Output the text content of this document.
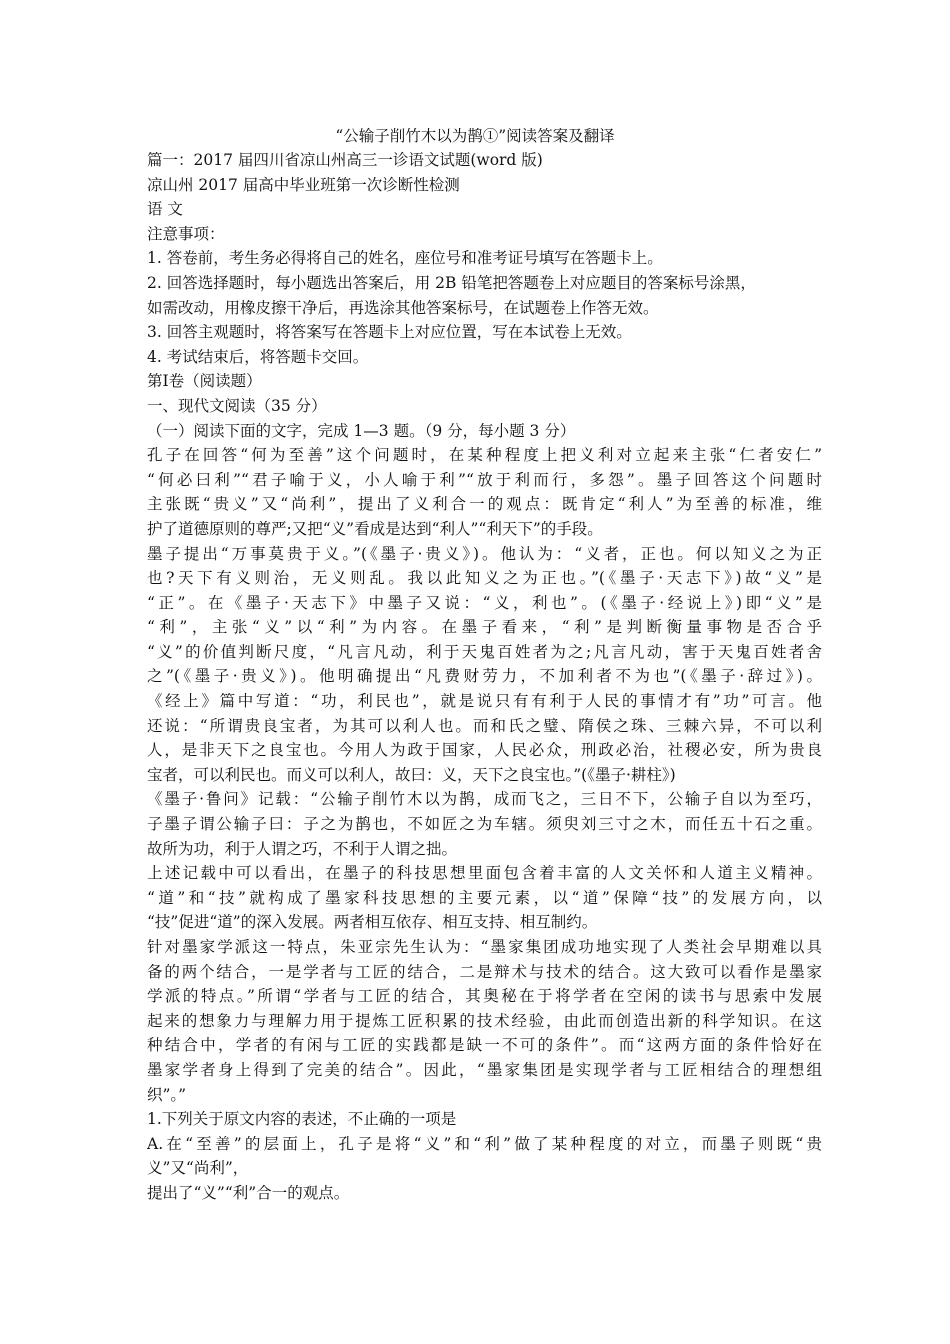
“公输子削竹木以为鹊①”阅读答案及翻译
篇一：2017 届四川省凉山州高三一诊语文试题(word 版)
凉山州 2017 届高中毕业班第一次诊断性检测
语 文
注意事项：
1. 答卷前，考生务必得将自己的姓名，座位号和准考证号填写在答题卡上。
2. 回答选择题时，每小题选出答案后，用 2B 铅笔把答题卷上对应题目的答案标号涂黑，
如需改动，用橡皮擦干净后，再选涂其他答案标号，在试题卷上作答无效。
3. 回答主观题时，将答案写在答题卡上对应位置，写在本试卷上无效。
4. 考试结束后，将答题卡交回。
第Ⅰ卷（阅读题）
一、现代文阅读（35 分）
（一）阅读下面的文字，完成 1—3 题。（9 分，每小题 3 分）
孔子在回答“何为至善”这个问题时，在某种程度上把义利对立起来主张“仁者安仁”
“何必曰利”“君子喻于义，小人喻于利”“放于利而行，多怨”。墨子回答这个问题时
主张既“贵义”又“尚利”，提出了义利合一的观点：既肯定“利人”为至善的标准，维
护了道德原则的尊严;又把“义”看成是达到“利人”“利天下”的手段。
墨子提出“万事莫贵于义。”(《墨子·贵义》)。他认为：“义者，正也。何以知义之为正
也?天下有义则治，无义则乱。我以此知义之为正也。”(《墨子·天志下》)故“义”是
“正”。在《墨子·天志下》中墨子又说：“义，利也”。(《墨子·经说上》)即“义”是
“利”，主张“义”以“利”为内容。在墨子看来，“利”是判断衡量事物是否合乎
“义”的价值判断尺度，“凡言凡动，利于天鬼百姓者为之;凡言凡动，害于天鬼百姓者舍
之”(《墨子·贵义》)。他明确提出“凡费财劳力，不加利者不为也”(《墨子·辞过》)。
《经上》篇中写道：“功，利民也”，就是说只有有利于人民的事情才有”功”可言。他
还说：“所谓贵良宝者，为其可以利人也。而和氏之璧、隋侯之珠、三棘六异，不可以利
人，是非天下之良宝也。今用人为政于国家，人民必众，刑政必治，社稷必安，所为贵良
宝者，可以利民也。而义可以利人，故曰：义，天下之良宝也。”(《墨子·耕柱》)
《墨子·鲁问》记载：“公输子削竹木以为鹊，成而飞之，三日不下，公输子自以为至巧，
子墨子谓公输子曰：子之为鹊也，不如匠之为车辖。须臾刘三寸之木，而任五十石之重。
故所为功，利于人谓之巧，不利于人谓之拙。
上述记载中可以看出，在墨子的科技思想里面包含着丰富的人文关怀和人道主义精神。
“道”和“技”就构成了墨家科技思想的主要元素，以“道”保障“技”的发展方向，以
“技”促进“道”的深入发展。两者相互依存、相互支持、相互制约。
针对墨家学派这一特点，朱亚宗先生认为：“墨家集团成功地实现了人类社会早期难以具
备的两个结合，一是学者与工匠的结合，二是辩术与技术的结合。这大致可以看作是墨家
学派的特点。”所谓“学者与工匠的结合，其奥秘在于将学者在空闲的读书与思索中发展
起来的想象力与理解力用于提炼工匠积累的技术经验，由此而创造出新的科学知识。在这
种结合中，学者的有闲与工匠的实践都是缺一不可的条件”。而“这两方面的条件恰好在
墨家学者身上得到了完美的结合”。因此，“墨家集团是实现学者与工匠相结合的理想组
织”。”
1.下列关于原文内容的表述，不止确的一项是
A.在“至善”的层面上，孔子是将“义”和“利”做了某种程度的对立，而墨子则既“贵
义”又“尚利”，
提出了“义”“利”合一的观点。
